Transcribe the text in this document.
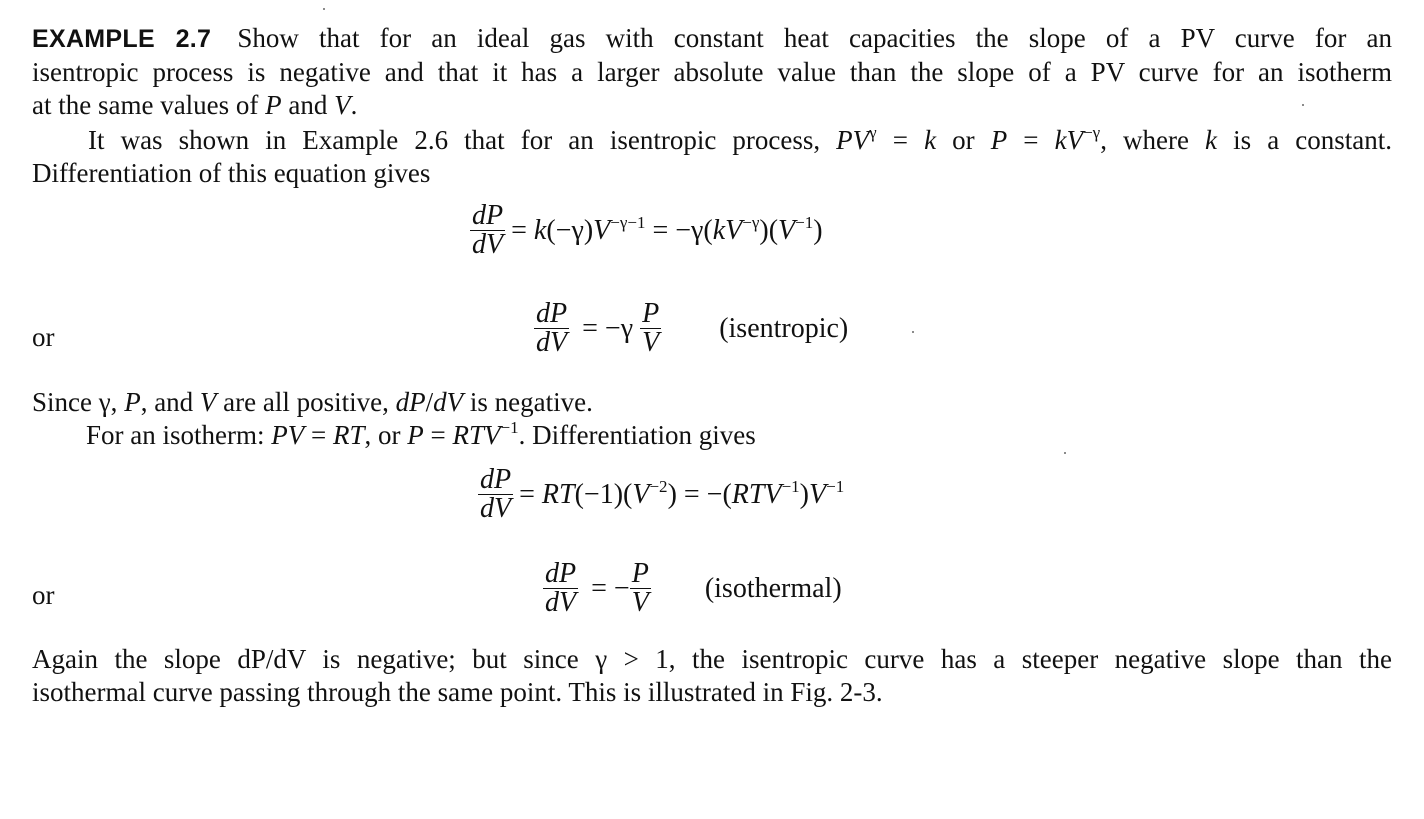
EXAMPLE 2.7 Show that for an ideal gas with constant heat capacities the slope of a PV curve for an
isentropic process is negative and that it has a larger absolute value than the slope of a PV curve for an isotherm
at the same values of P and V.
It was shown in Example 2.6 that for an isentropic process, $PV^\gamma = k$ or $P = kV^{-\gamma}$, where k is a constant.
Differentiation of this equation gives
$\frac{dP}{dV} = k(-\gamma)V^{-\gamma-1} = -\gamma(kV^{-\gamma})(V^{-1})$
or	$\frac{dP}{dV} = -\gamma \frac{P}{V}$ (isentropic)
Since γ, P, and V are all positive, dP/dV is negative.
For an isotherm: PV = RT, or $P = RTV^{-1}$. Differentiation gives
$\frac{dP}{dV} = RT(-1)(V^{-2}) = -(RTV^{-1})V^{-1}$
or	$\frac{dP}{dV}$ = − $\frac{P}{V}$ (isothermal)
Again the slope dP/dV is negative; but since γ > 1, the isentropic curve has a steeper negative slope than the
isothermal curve passing through the same point. This is illustrated in Fig. 2-3.
